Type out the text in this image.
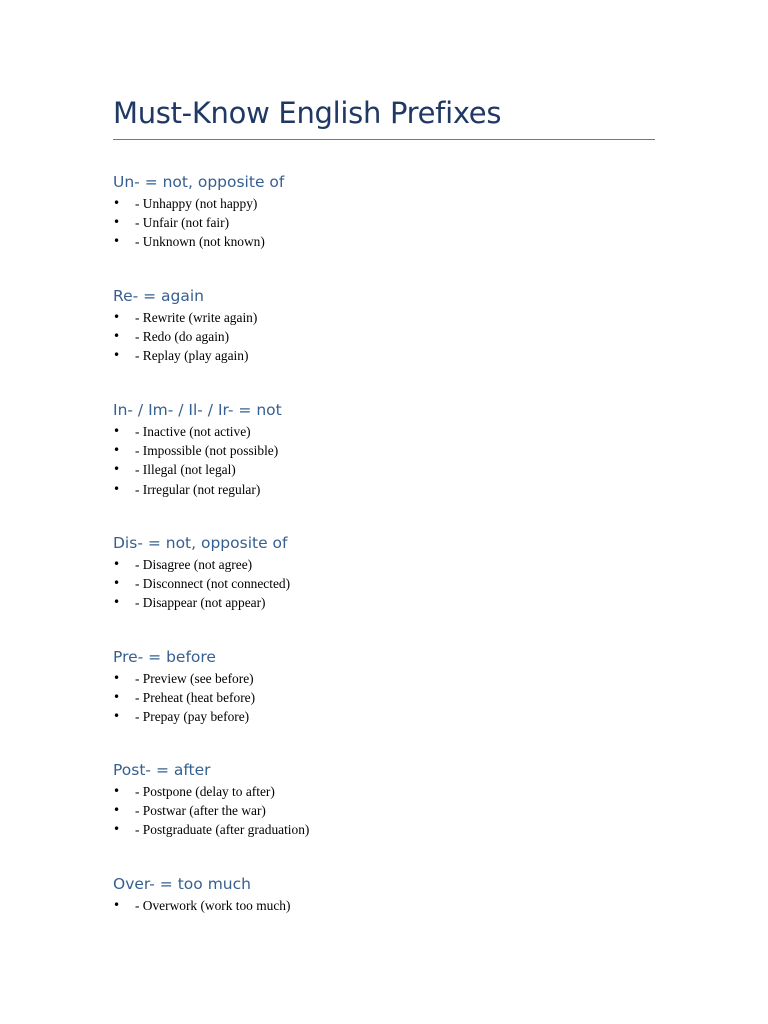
Must-Know English Prefixes
Un- = not, opposite of
• - Unhappy (not happy)
• - Unfair (not fair)
• - Unknown (not known)
Re- = again
• - Rewrite (write again)
• - Redo (do again)
• - Replay (play again)
In- / Im- / Il- / Ir- = not
• - Inactive (not active)
• - Impossible (not possible)
• - Illegal (not legal)
• - Irregular (not regular)
Dis- = not, opposite of
• - Disagree (not agree)
• - Disconnect (not connected)
• - Disappear (not appear)
Pre- = before
• - Preview (see before)
• - Preheat (heat before)
• - Prepay (pay before)
Post- = after
• - Postpone (delay to after)
• - Postwar (after the war)
• - Postgraduate (after graduation)
Over- = too much
• - Overwork (work too much)
